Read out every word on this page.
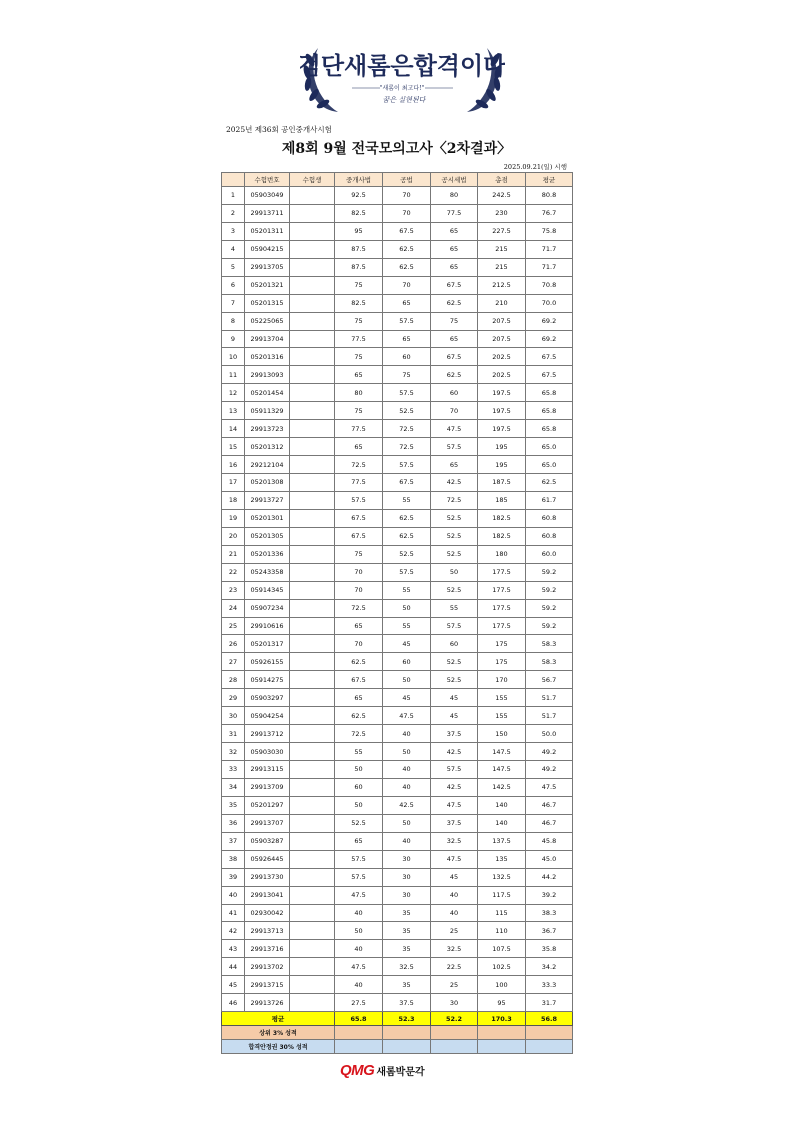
검단새롬은합격이다
"새롬이 최고다!"
꿈은 실현된다
2025년 제36회 공인중개사시험
제8회 9월 전국모의고사〈2차결과〉
2025.09.21(일) 시행
	수험번호	수험생	중개사법	공법	공시세법	총점	평균
1	05903049		92.5	70	80	242.5	80.8
2	29913711		82.5	70	77.5	230	76.7
3	05201311		95	67.5	65	227.5	75.8
4	05904215		87.5	62.5	65	215	71.7
5	29913705		87.5	62.5	65	215	71.7
6	05201321		75	70	67.5	212.5	70.8
7	05201315		82.5	65	62.5	210	70.0
8	05225065		75	57.5	75	207.5	69.2
9	29913704		77.5	65	65	207.5	69.2
10	05201316		75	60	67.5	202.5	67.5
11	29913093		65	75	62.5	202.5	67.5
12	05201454		80	57.5	60	197.5	65.8
13	05911329		75	52.5	70	197.5	65.8
14	29913723		77.5	72.5	47.5	197.5	65.8
15	05201312		65	72.5	57.5	195	65.0
16	29212104		72.5	57.5	65	195	65.0
17	05201308		77.5	67.5	42.5	187.5	62.5
18	29913727		57.5	55	72.5	185	61.7
19	05201301		67.5	62.5	52.5	182.5	60.8
20	05201305		67.5	62.5	52.5	182.5	60.8
21	05201336		75	52.5	52.5	180	60.0
22	05243358		70	57.5	50	177.5	59.2
23	05914345		70	55	52.5	177.5	59.2
24	05907234		72.5	50	55	177.5	59.2
25	29910616		65	55	57.5	177.5	59.2
26	05201317		70	45	60	175	58.3
27	05926155		62.5	60	52.5	175	58.3
28	05914275		67.5	50	52.5	170	56.7
29	05903297		65	45	45	155	51.7
30	05904254		62.5	47.5	45	155	51.7
31	29913712		72.5	40	37.5	150	50.0
32	05903030		55	50	42.5	147.5	49.2
33	29913115		50	40	57.5	147.5	49.2
34	29913709		60	40	42.5	142.5	47.5
35	05201297		50	42.5	47.5	140	46.7
36	29913707		52.5	50	37.5	140	46.7
37	05903287		65	40	32.5	137.5	45.8
38	05926445		57.5	30	47.5	135	45.0
39	29913730		57.5	30	45	132.5	44.2
40	29913041		47.5	30	40	117.5	39.2
41	02930042		40	35	40	115	38.3
42	29913713		50	35	25	110	36.7
43	29913716		40	35	32.5	107.5	35.8
44	29913702		47.5	32.5	22.5	102.5	34.2
45	29913715		40	35	25	100	33.3
46	29913726		27.5	37.5	30	95	31.7
평균			65.8	52.3	52.2	170.3	56.8
상위 3% 성적							
합격안정권 30% 성적							
QMG 새롬박문각
